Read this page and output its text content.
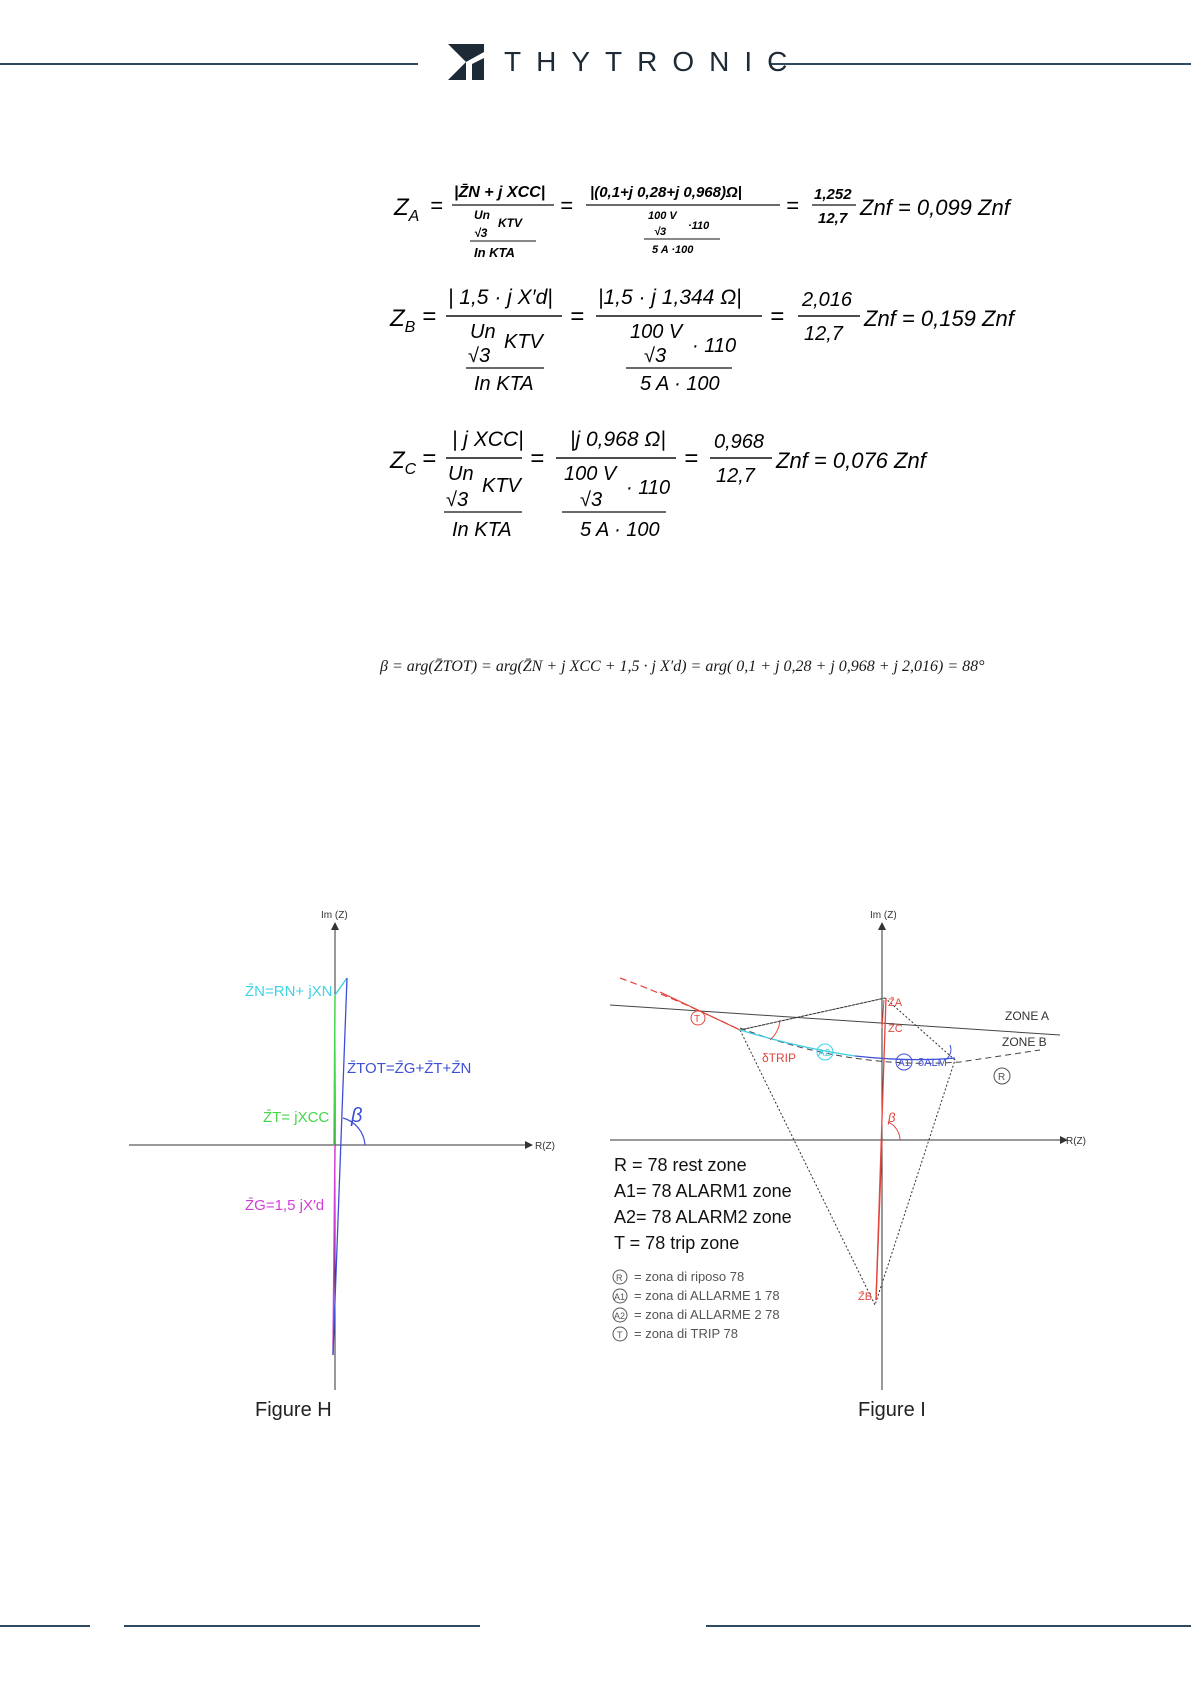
THYTRONIC
$Z_A$ =
|Z̄N + j XCC|
Un
KTV
√3
In KTA
=
|(0,1+j 0,28+j 0,968)Ω|
100 V
·110
√3
5 A ·100
= 1,252
12,7 Znf = 0,099 Znf
$Z_B$ =
| 1,5 · j X′d|
Un KTV
√3
In KTA
=
|1,5 · j 1,344 Ω|
100 V
· 110
√3
5 A · 100
=
2,016
12,7
Znf = 0,159 Znf
$Z_C$ =
| j XCC|
Un
KTV
√3
In KTA
=
|j 0,968 Ω|
100 V
· 110
√3
5 A · 100
=
0,968
12,7
Znf = 0,076 Znf
β = arg(Z̄TOT) = arg(Z̄N + j XCC + 1,5 · j X′d) = arg( 0,1 + j 0,28 + j 0,968 + j 2,016) = 88°
Im (Z)
R(Z)
Z̄N=RN+ jXN
Z̄TOT=Z̄G+Z̄T+Z̄N
Z̄T= jXCC β
Z̄G=1,5 jX′d
Figure H
Im (Z)
R(Z)
ZONE A
ZONE B
Z̄A
Z̄C
Z̄B
T
δTRIP A2
A1 δALM
R
β
R = 78 rest zone
A1= 78 ALARM1 zone
A2= 78 ALARM2 zone
T = 78 trip zone
R = zona di riposo 78
A1 = zona di ALLARME 1 78
A2 = zona di ALLARME 2 78
T = zona di TRIP 78
Figure I
